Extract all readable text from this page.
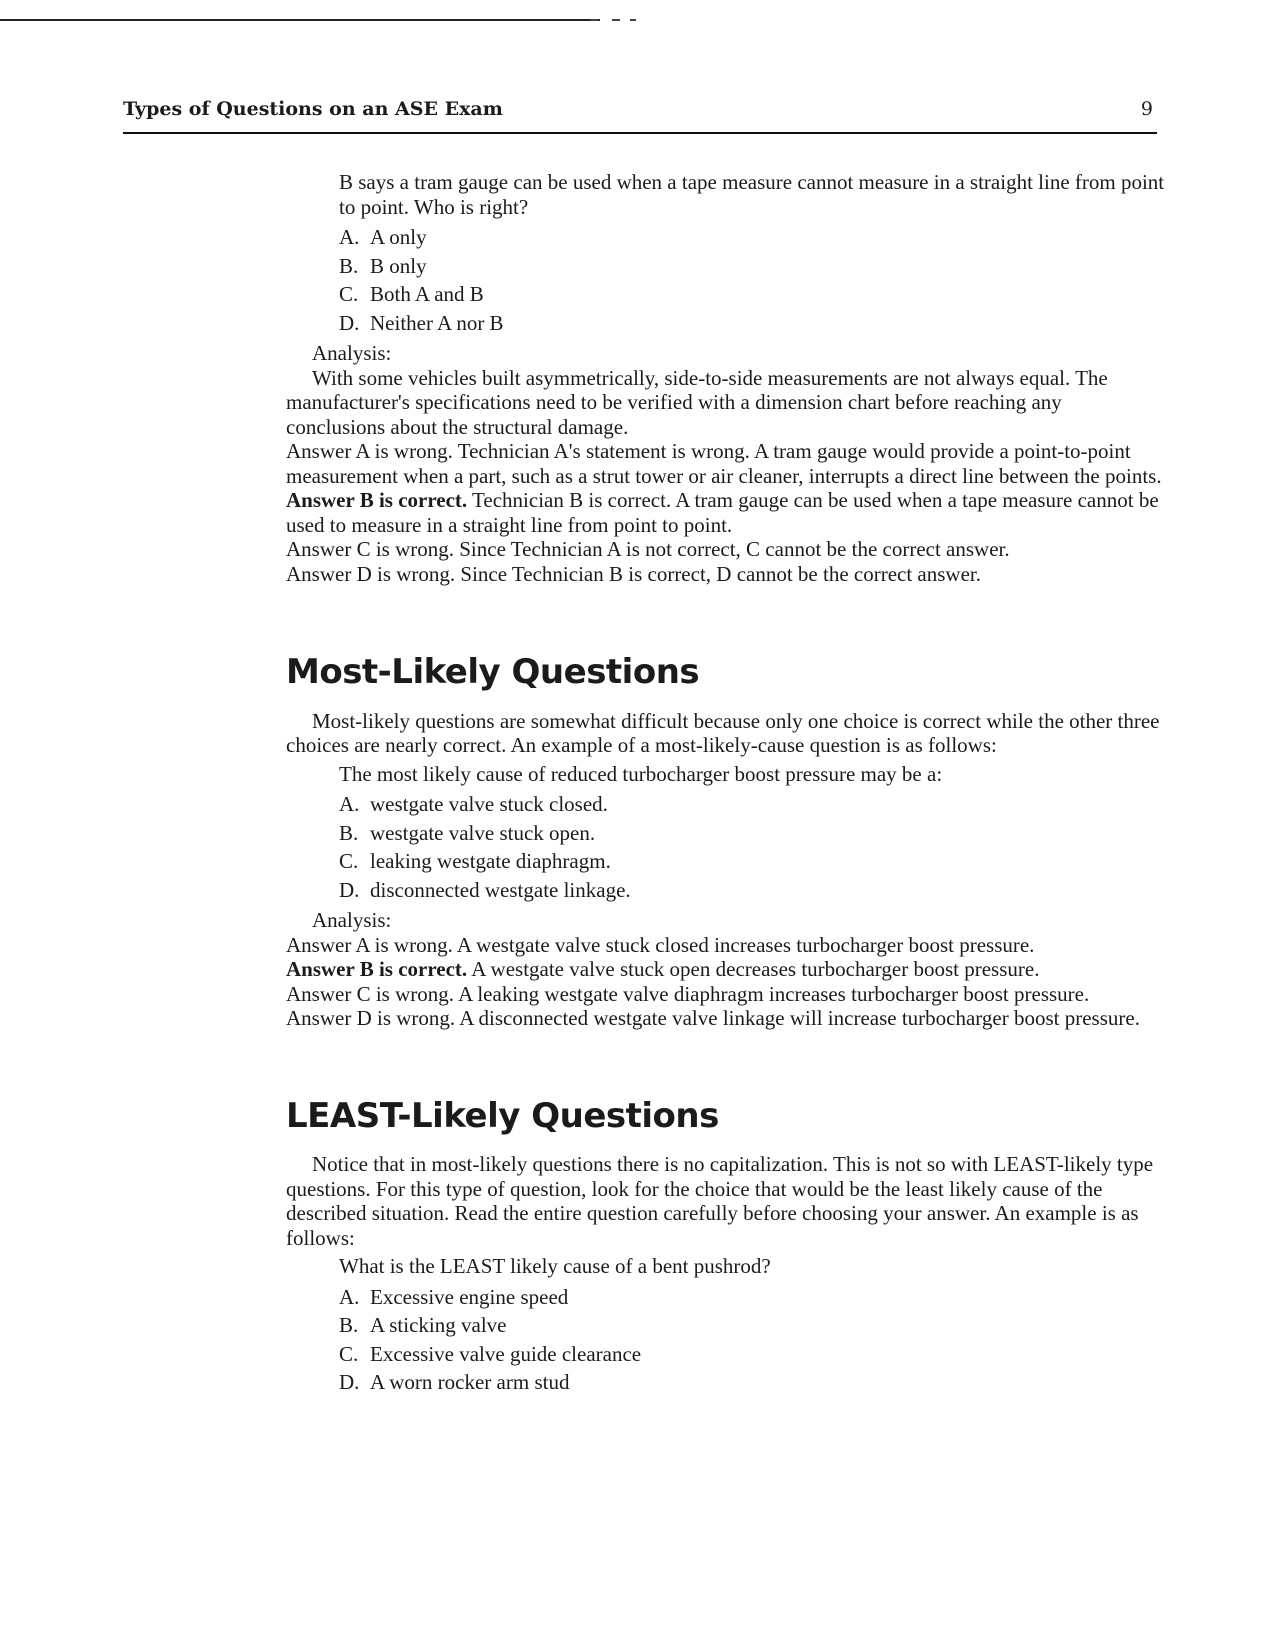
Types of Questions on an ASE Exam	9

B says a tram gauge can be used when a tape measure cannot measure in a straight line from point to point. Who is right?

A. A only

B. B only

C. Both A and B

D. Neither A nor B

Analysis:

With some vehicles built asymmetrically, side-to-side measurements are not always equal. The manufacturer's specifications need to be verified with a dimension chart before reaching any conclusions about the structural damage.

Answer A is wrong. Technician A's statement is wrong. A tram gauge would provide a point-to-point measurement when a part, such as a strut tower or air cleaner, interrupts a direct line between the points.

Answer B is correct. Technician B is correct. A tram gauge can be used when a tape measure cannot be used to measure in a straight line from point to point.

Answer C is wrong. Since Technician A is not correct, C cannot be the correct answer.

Answer D is wrong. Since Technician B is correct, D cannot be the correct answer.

Most-Likely Questions

Most-likely questions are somewhat difficult because only one choice is correct while the other three choices are nearly correct. An example of a most-likely-cause question is as follows:

The most likely cause of reduced turbocharger boost pressure may be a:

A. westgate valve stuck closed.

B. westgate valve stuck open.

C. leaking westgate diaphragm.

D. disconnected westgate linkage.

Analysis:

Answer A is wrong. A westgate valve stuck closed increases turbocharger boost pressure.

Answer B is correct. A westgate valve stuck open decreases turbocharger boost pressure.

Answer C is wrong. A leaking westgate valve diaphragm increases turbocharger boost pressure.

Answer D is wrong. A disconnected westgate valve linkage will increase turbocharger boost pressure.

LEAST-Likely Questions

Notice that in most-likely questions there is no capitalization. This is not so with LEAST-likely type questions. For this type of question, look for the choice that would be the least likely cause of the described situation. Read the entire question carefully before choosing your answer. An example is as follows:

What is the LEAST likely cause of a bent pushrod?

A. Excessive engine speed

B. A sticking valve

C. Excessive valve guide clearance

D. A worn rocker arm stud
